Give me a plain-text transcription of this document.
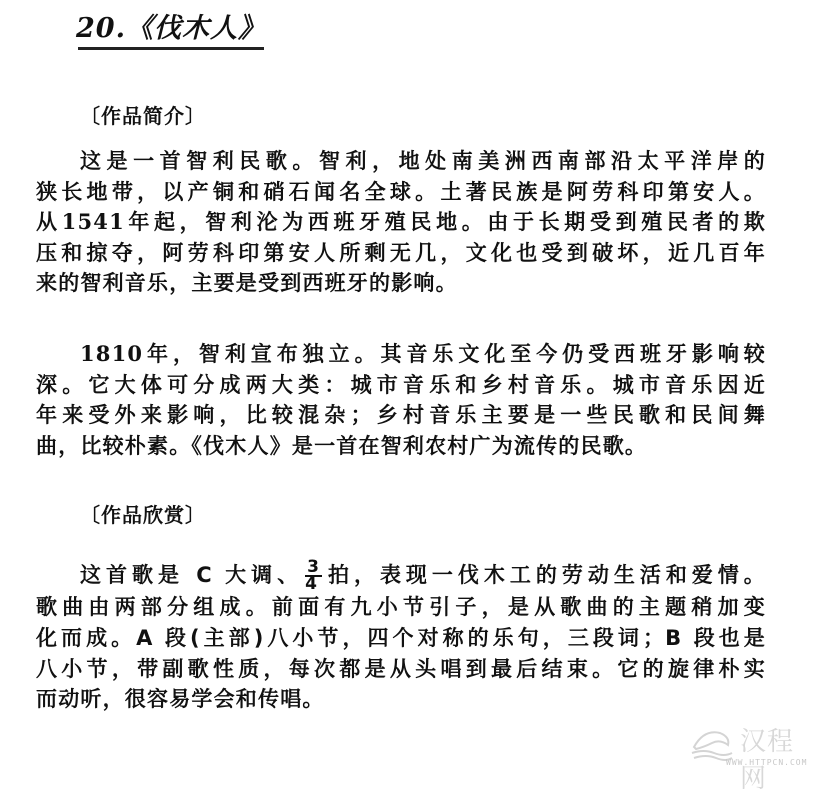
20.《伐木人》
〔作品简介〕
这是一首智利民歌。智利，地处南美洲西南部沿太平洋岸的
狭长地带，以产铜和硝石闻名全球。土著民族是阿劳科印第安人。
从1541年起，智利沦为西班牙殖民地。由于长期受到殖民者的欺
压和掠夺，阿劳科印第安人所剩无几，文化也受到破坏，近几百年
来的智利音乐，主要是受到西班牙的影响。
1810年，智利宣布独立。其音乐文化至今仍受西班牙影响较
深。它大体可分成两大类：城市音乐和乡村音乐。城市音乐因近
年来受外来影响，比较混杂；乡村音乐主要是一些民歌和民间舞
曲，比较朴素。《伐木人》是一首在智利农村广为流传的民歌。
〔作品欣赏〕
这首歌是 C 大调、 $\frac{3}{4}$ 拍，表现一伐木工的劳动生活和爱情。
歌曲由两部分组成。前面有九小节引子，是从歌曲的主题稍加变
化而成。A 段(主部)八小节，四个对称的乐句，三段词；B 段也是
八小节，带副歌性质，每次都是从头唱到最后结束。它的旋律朴实
而动听，很容易学会和传唱。
汉程网
WWW.HTTPCN.COM
